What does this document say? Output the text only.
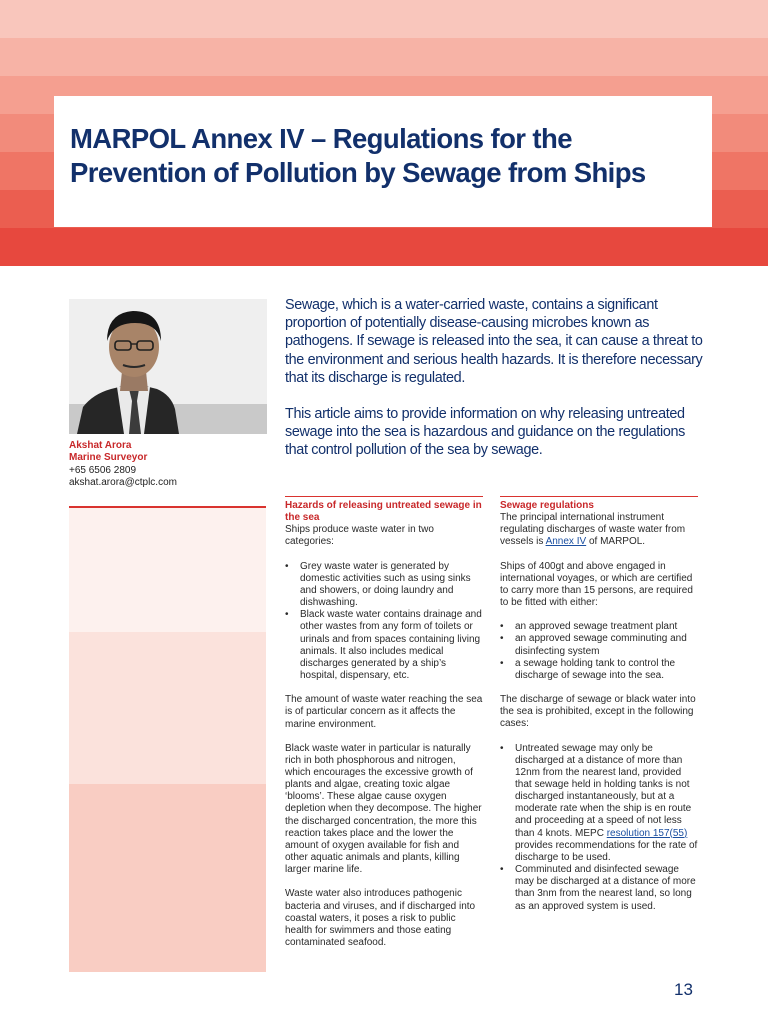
MARPOL Annex IV – Regulations for the Prevention of Pollution by Sewage from Ships
Akshat Arora
Marine Surveyor
+65 6506 2809
akshat.arora@ctplc.com

Sewage, which is a water-carried waste, contains a significant proportion of potentially disease-causing microbes known as pathogens. If sewage is released into the sea, it can cause a threat to the environment and serious health hazards. It is therefore necessary that its discharge is regulated.

This article aims to provide information on why releasing untreated sewage into the sea is hazardous and guidance on the regulations that control pollution of the sea by sewage.

Hazards of releasing untreated sewage in the sea

Ships produce waste water in two categories:

• Grey waste water is generated by domestic activities such as using sinks and showers, or doing laundry and dishwashing.
• Black waste water contains drainage and other wastes from any form of toilets or urinals and from spaces containing living animals. It also includes medical discharges generated by a ship’s hospital, dispensary, etc.

The amount of waste water reaching the sea is of particular concern as it affects the marine environment.

Black waste water in particular is naturally rich in both phosphorous and nitrogen, which encourages the excessive growth of plants and algae, creating toxic algae ‘blooms’. These algae cause oxygen depletion when they decompose. The higher the discharged concentration, the more this reaction takes place and the lower the amount of oxygen available for fish and other aquatic animals and plants, killing larger marine life.

Waste water also introduces pathogenic bacteria and viruses, and if discharged into coastal waters, it poses a risk to public health for swimmers and those eating contaminated seafood.

Sewage regulations

The principal international instrument regulating discharges of waste water from vessels is Annex IV of MARPOL.

Ships of 400gt and above engaged in international voyages, or which are certified to carry more than 15 persons, are required to be fitted with either:

• an approved sewage treatment plant
• an approved sewage comminuting and disinfecting system
• a sewage holding tank to control the discharge of sewage into the sea.

The discharge of sewage or black water into the sea is prohibited, except in the following cases:

• Untreated sewage may only be discharged at a distance of more than 12nm from the nearest land, provided that sewage held in holding tanks is not discharged instantaneously, but at a moderate rate when the ship is en route and proceeding at a speed of not less than 4 knots. MEPC resolution 157(55) provides recommendations for the rate of discharge to be used.
• Comminuted and disinfected sewage may be discharged at a distance of more than 3nm from the nearest land, so long as an approved system is used.
13
